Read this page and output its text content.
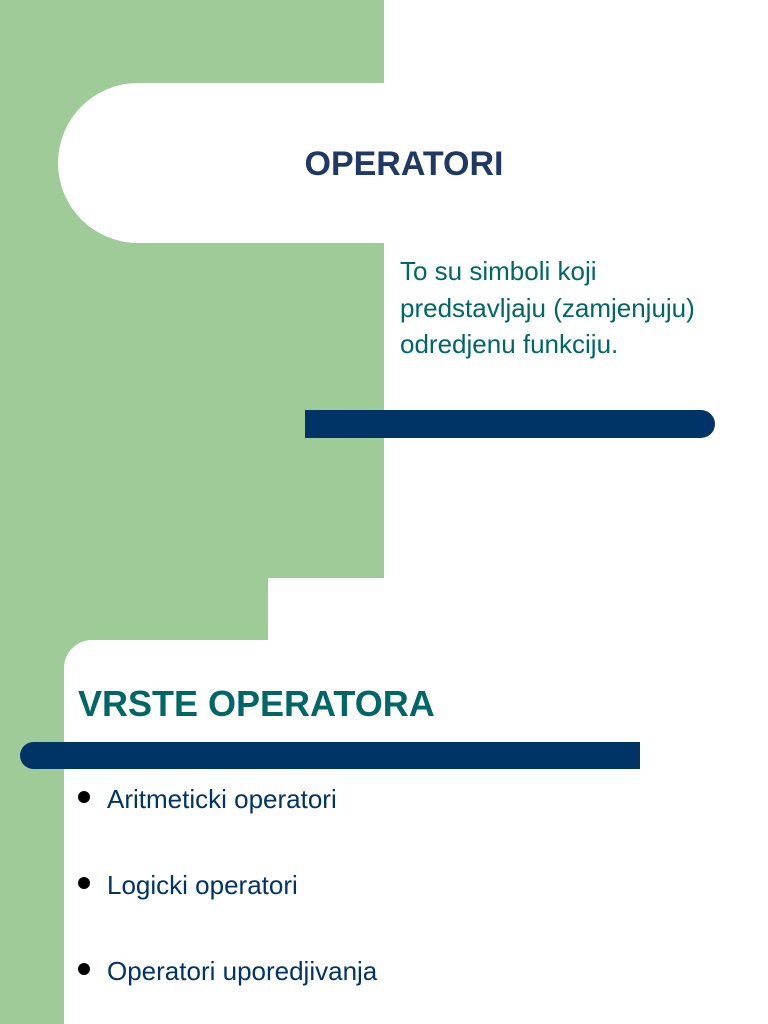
OPERATORI
To su simboli koji predstavljaju (zamjenjuju) odredjenu funkciju.
VRSTE OPERATORA
Aritmeticki operatori
Logicki operatori
Operatori uporedjivanja
